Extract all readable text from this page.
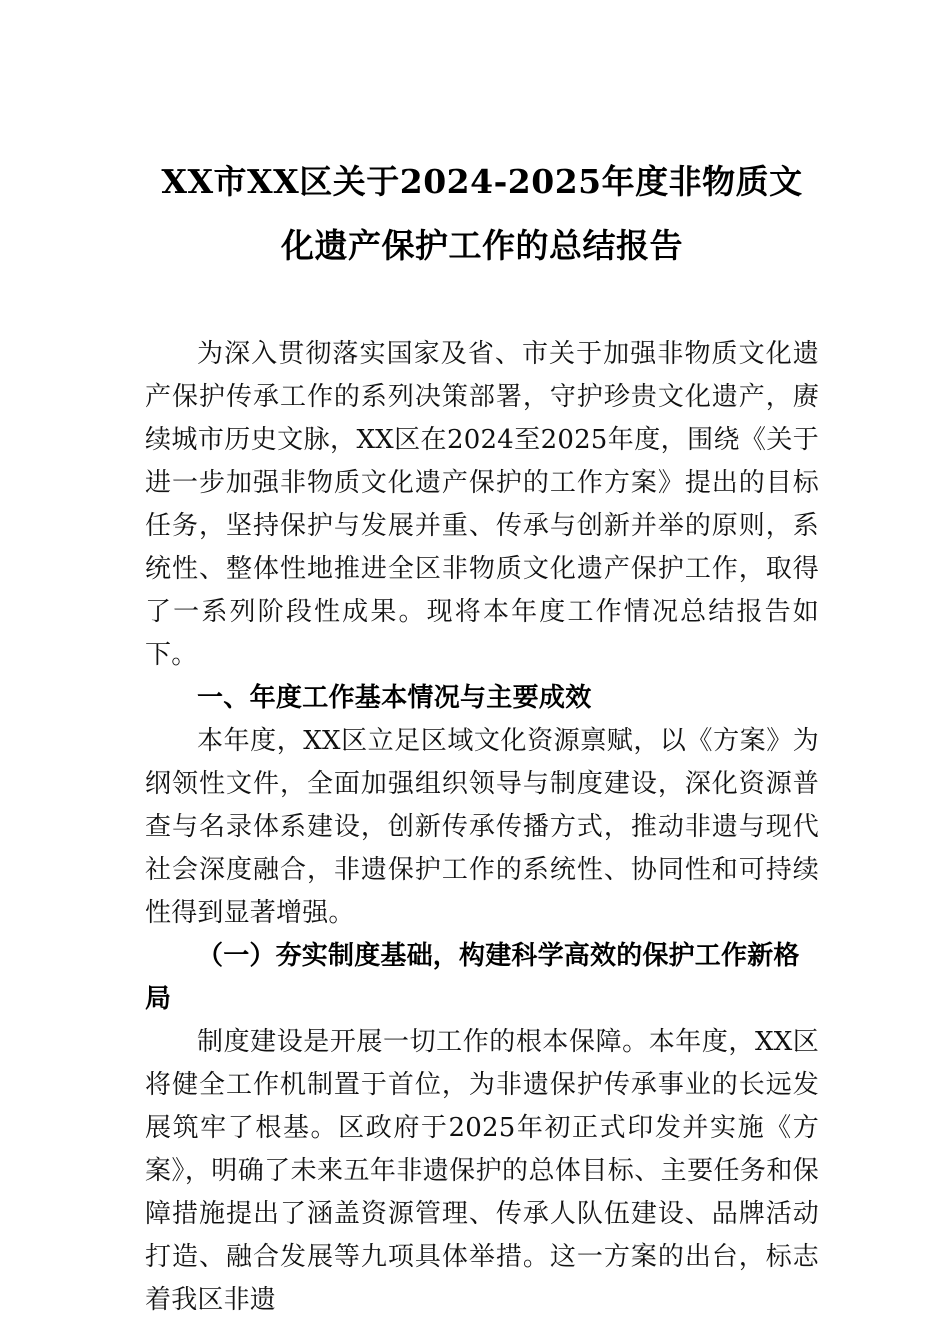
XX市XX区关于2024-2025年度非物质文
化遗产保护工作的总结报告

为深入贯彻落实国家及省、市关于加强非物质文化遗产保护传承工作的系列决策部署，守护珍贵文化遗产，赓续城市历史文脉，XX区在2024至2025年度，围绕《关于进一步加强非物质文化遗产保护的工作方案》提出的目标任务，坚持保护与发展并重、传承与创新并举的原则，系统性、整体性地推进全区非物质文化遗产保护工作，取得了一系列阶段性成果。现将本年度工作情况总结报告如下。

一、年度工作基本情况与主要成效

本年度，XX区立足区域文化资源禀赋，以《方案》为纲领性文件，全面加强组织领导与制度建设，深化资源普查与名录体系建设，创新传承传播方式，推动非遗与现代社会深度融合，非遗保护工作的系统性、协同性和可持续性得到显著增强。

（一）夯实制度基础，构建科学高效的保护工作新格局

制度建设是开展一切工作的根本保障。本年度，XX区将健全工作机制置于首位，为非遗保护传承事业的长远发展筑牢了根基。区政府于2025年初正式印发并实施《方案》，明确了未来五年非遗保护的总体目标、主要任务和保障措施提出了涵盖资源管理、传承人队伍建设、品牌活动打造、融合发展等九项具体举措。这一方案的出台，标志着我区非遗
